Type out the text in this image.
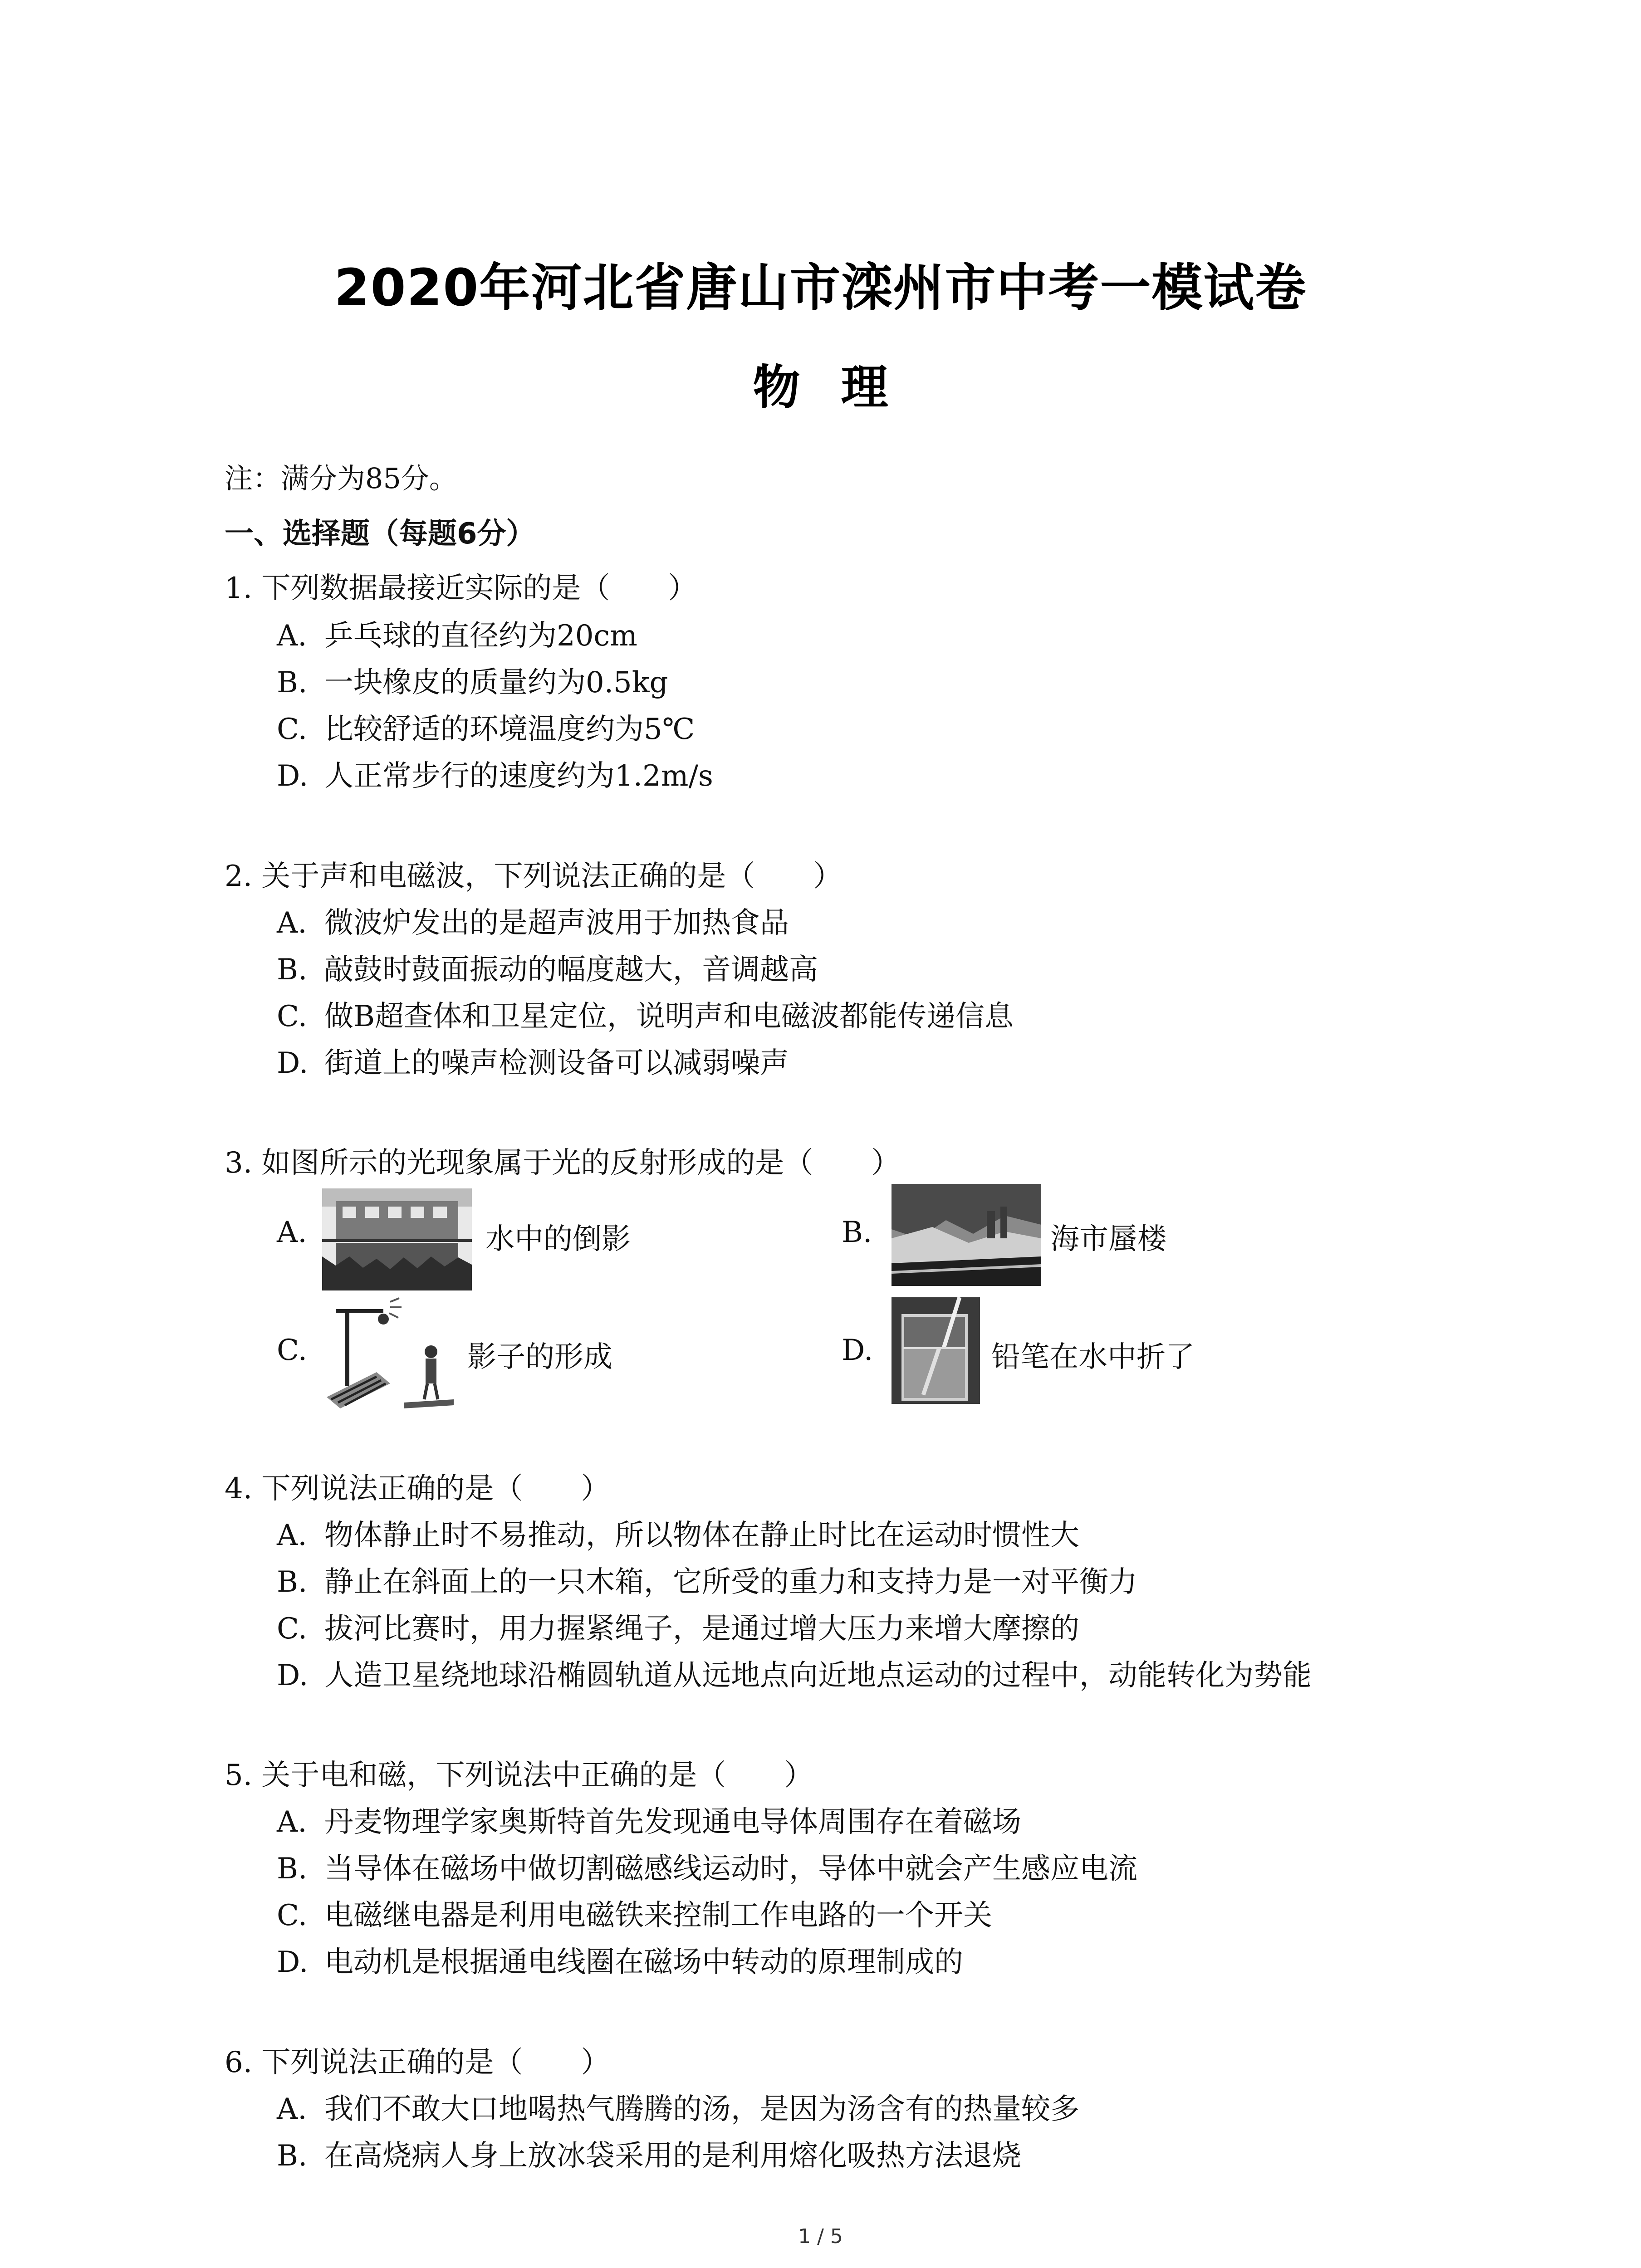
2020年河北省唐山市滦州市中考一模试卷
物理
注：满分为85分。
一、选择题（每题6分）
1. 下列数据最接近实际的是（　　）
A. 乒乓球的直径约为20cm
B. 一块橡皮的质量约为0.5kg
C. 比较舒适的环境温度约为5℃
D. 人正常步行的速度约为1.2m/s
2. 关于声和电磁波，下列说法正确的是（　　）
A. 微波炉发出的是超声波用于加热食品
B. 敲鼓时鼓面振动的幅度越大，音调越高
C. 做B超查体和卫星定位，说明声和电磁波都能传递信息
D. 街道上的噪声检测设备可以减弱噪声
3. 如图所示的光现象属于光的反射形成的是（　　）
A.	水中的倒影	B.	海市蜃楼
C.	影子的形成	D.	铅笔在水中折了
4. 下列说法正确的是（　　）
A. 物体静止时不易推动，所以物体在静止时比在运动时惯性大
B. 静止在斜面上的一只木箱，它所受的重力和支持力是一对平衡力
C. 拔河比赛时，用力握紧绳子，是通过增大压力来增大摩擦的
D. 人造卫星绕地球沿椭圆轨道从远地点向近地点运动的过程中，动能转化为势能
5. 关于电和磁，下列说法中正确的是（　　）
A. 丹麦物理学家奥斯特首先发现通电导体周围存在着磁场
B. 当导体在磁场中做切割磁感线运动时，导体中就会产生感应电流
C. 电磁继电器是利用电磁铁来控制工作电路的一个开关
D. 电动机是根据通电线圈在磁场中转动的原理制成的
6. 下列说法正确的是（　　）
A. 我们不敢大口地喝热气腾腾的汤，是因为汤含有的热量较多
B. 在高烧病人身上放冰袋采用的是利用熔化吸热方法退烧
1 / 5
